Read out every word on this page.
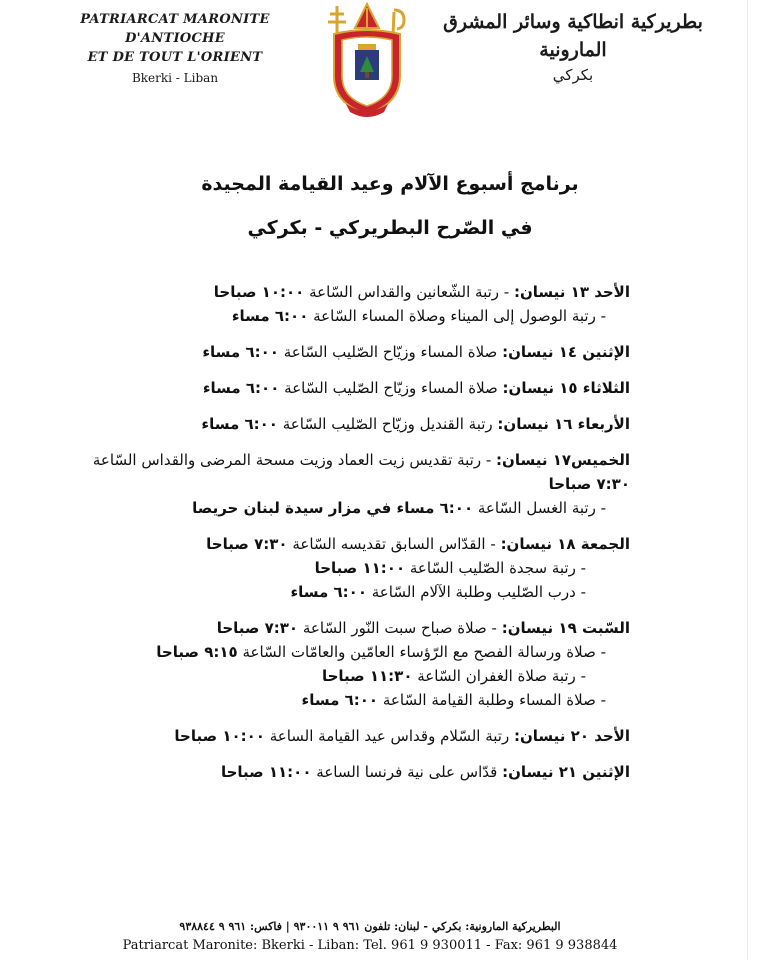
PATRIARCAT MARONITE D'ANTIOCHE
ET DE TOUT L'ORIENT
Bkerki - Liban
بطريركية انطاكية وسائر المشرق المارونية
بكركي
برنامج أسبوع الآلام وعيد القيامة المجيدة
في الصّرح البطريركي - بكركي
الأحد ١٣ نيسان: - رتبة الشّعانين والقداس السّاعة ١٠:٠٠ صباحا
- رتبة الوصول إلى الميناء وصلاة المساء السّاعة ٦:٠٠ مساء
الإثنين ١٤ نيسان: صلاة المساء وزيّاح الصّليب السّاعة ٦:٠٠ مساء
الثلاثاء ١٥ نيسان: صلاة المساء وزيّاح الصّليب السّاعة ٦:٠٠ مساء
الأربعاء ١٦ نيسان: رتبة القنديل وزيّاح الصّليب السّاعة ٦:٠٠ مساء
الخميس١٧ نيسان: - رتبة تقديس زيت العماد وزيت مسحة المرضى والقداس السّاعة ٧:٣٠ صباحا
- رتبة الغسل السّاعة ٦:٠٠ مساء في مزار سيدة لبنان حريصا
الجمعة ١٨ نيسان: - القدّاس السابق تقديسه السّاعة ٧:٣٠ صباحا
- رتبة سجدة الصّليب السّاعة ١١:٠٠ صباحا
- درب الصّليب وطلبة الآلام السّاعة ٦:٠٠ مساء
السّبت ١٩ نيسان: - صلاة صباح سبت النّور السّاعة ٧:٣٠ صباحا
- صلاة ورسالة الفصح مع الرّؤساء العامّين والعامّات السّاعة ٩:١٥ صباحا
- رتبة صلاة الغفران السّاعة ١١:٣٠ صباحا
- صلاة المساء وطلبة القيامة السّاعة ٦:٠٠ مساء
الأحد ٢٠ نيسان: رتبة السّلام وقداس عيد القيامة الساعة ١٠:٠٠ صباحا
الإثنين ٢١ نيسان: قدّاس على نية فرنسا الساعة ١١:٠٠ صباحا
البطريركية المارونية: بكركي - لبنان: تلفون ٩٦١ ٩ ٩٣٠٠١١ | فاكس: ٩٦١ ٩ ٩٣٨٨٤٤
Patriarcat Maronite: Bkerki - Liban: Tel. 961 9 930011 - Fax: 961 9 938844
